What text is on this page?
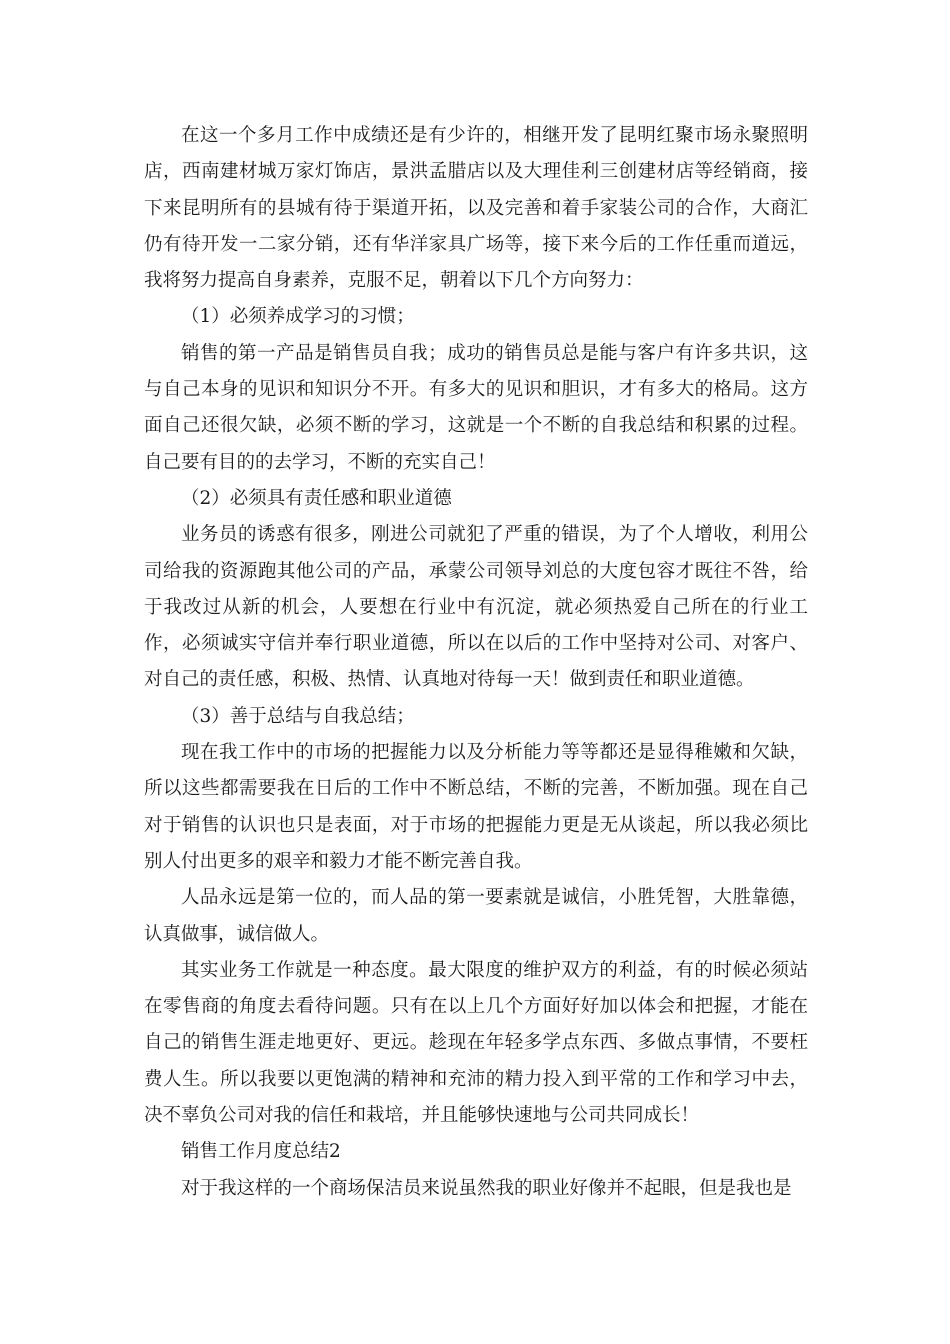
在这一个多月工作中成绩还是有少许的，相继开发了昆明红聚市场永聚照明店，西南建材城万家灯饰店，景洪孟腊店以及大理佳利三创建材店等经销商，接下来昆明所有的县城有待于渠道开拓，以及完善和着手家装公司的合作，大商汇仍有待开发一二家分销，还有华洋家具广场等，接下来今后的工作任重而道远，我将努力提高自身素养，克服不足，朝着以下几个方向努力：

（1）必须养成学习的习惯；

销售的第一产品是销售员自我；成功的销售员总是能与客户有许多共识，这与自己本身的见识和知识分不开。有多大的见识和胆识，才有多大的格局。这方面自己还很欠缺，必须不断的学习，这就是一个不断的自我总结和积累的过程。自己要有目的的去学习，不断的充实自己！

（2）必须具有责任感和职业道德

业务员的诱惑有很多，刚进公司就犯了严重的错误，为了个人增收，利用公司给我的资源跑其他公司的产品，承蒙公司领导刘总的大度包容才既往不咎，给于我改过从新的机会，人要想在行业中有沉淀，就必须热爱自己所在的行业工作，必须诚实守信并奉行职业道德，所以在以后的工作中坚持对公司、对客户、对自己的责任感，积极、热情、认真地对待每一天！做到责任和职业道德。

（3）善于总结与自我总结；

现在我工作中的市场的把握能力以及分析能力等等都还是显得稚嫩和欠缺，所以这些都需要我在日后的工作中不断总结，不断的完善，不断加强。现在自己对于销售的认识也只是表面，对于市场的把握能力更是无从谈起，所以我必须比别人付出更多的艰辛和毅力才能不断完善自我。

人品永远是第一位的，而人品的第一要素就是诚信，小胜凭智，大胜靠德，认真做事，诚信做人。

其实业务工作就是一种态度。最大限度的维护双方的利益，有的时候必须站在零售商的角度去看待问题。只有在以上几个方面好好加以体会和把握，才能在自己的销售生涯走地更好、更远。趁现在年轻多学点东西、多做点事情，不要枉费人生。所以我要以更饱满的精神和充沛的精力投入到平常的工作和学习中去，决不辜负公司对我的信任和栽培，并且能够快速地与公司共同成长！

销售工作月度总结2

对于我这样的一个商场保洁员来说虽然我的职业好像并不起眼，但是我也是
